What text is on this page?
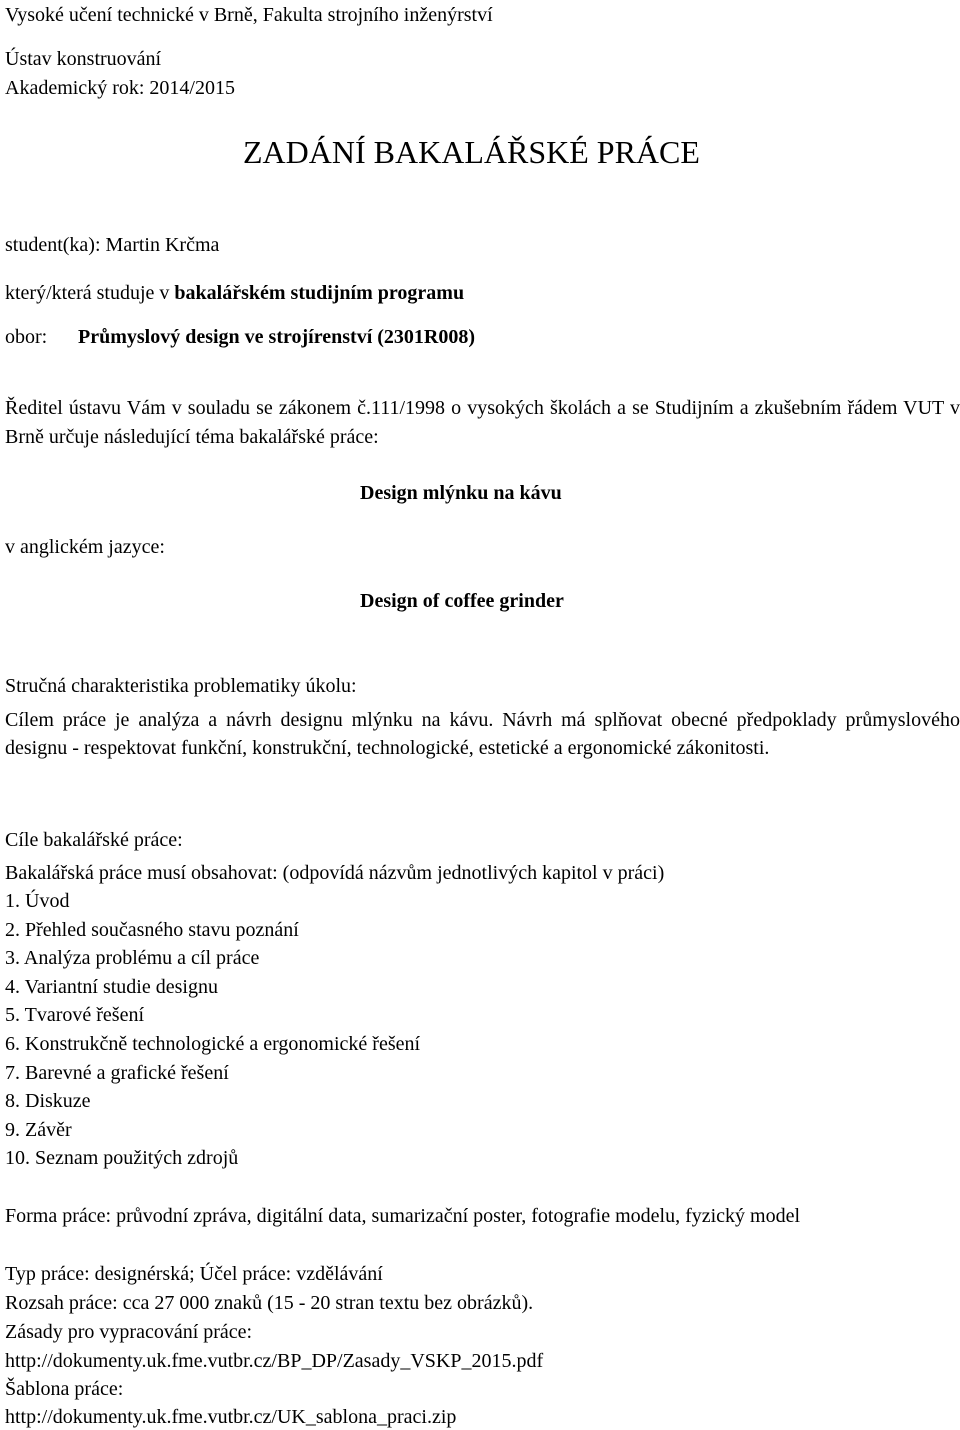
Vysoké učení technické v Brně, Fakulta strojního inženýrství
Ústav konstruování
Akademický rok: 2014/2015
ZADÁNÍ BAKALÁŘSKÉ PRÁCE
student(ka): Martin Krčma
který/která studuje v bakalářském studijním programu
obor: Průmyslový design ve strojírenství (2301R008)
Ředitel ústavu Vám v souladu se zákonem č.111/1998 o vysokých školách a se Studijním a zkušebním řádem VUT v Brně určuje následující téma bakalářské práce:
Design mlýnku na kávu
v anglickém jazyce:
Design of coffee grinder
Stručná charakteristika problematiky úkolu:
Cílem práce je analýza a návrh designu mlýnku na kávu. Návrh má splňovat obecné předpoklady průmyslového designu - respektovat funkční, konstrukční, technologické, estetické a ergonomické zákonitosti.
Cíle bakalářské práce:
Bakalářská práce musí obsahovat: (odpovídá názvům jednotlivých kapitol v práci)
1. Úvod
2. Přehled současného stavu poznání
3. Analýza problému a cíl práce
4. Variantní studie designu
5. Tvarové řešení
6. Konstrukčně technologické a ergonomické řešení
7. Barevné a grafické řešení
8. Diskuze
9. Závěr
10. Seznam použitých zdrojů
Forma práce: průvodní zpráva, digitální data, sumarizační poster, fotografie modelu, fyzický model
Typ práce: designérská; Účel práce: vzdělávání
Rozsah práce: cca 27 000 znaků (15 - 20 stran textu bez obrázků).
Zásady pro vypracování práce:
http://dokumenty.uk.fme.vutbr.cz/BP_DP/Zasady_VSKP_2015.pdf
Šablona práce:
http://dokumenty.uk.fme.vutbr.cz/UK_sablona_praci.zip
